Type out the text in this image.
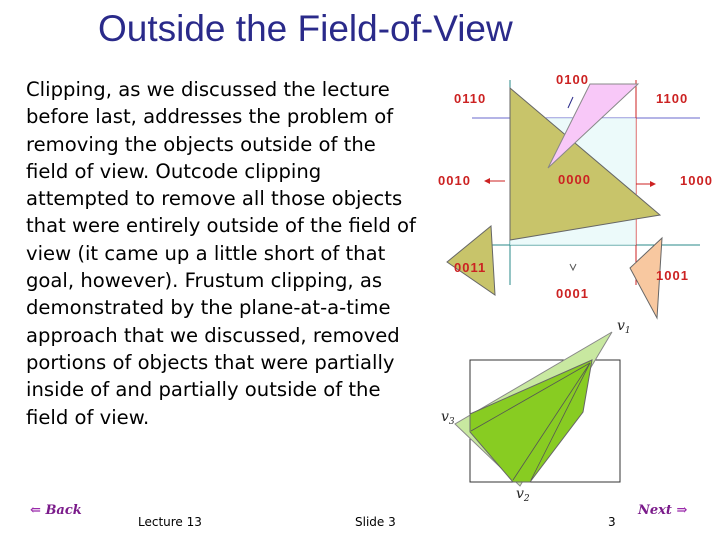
Outside the Field-of-View
Clipping, as we discussed the lecture before last, addresses the problem of removing the objects outside of the field of view. Outcode clipping attempted to remove all those objects that were entirely outside of the field of view (it came up a little short of that goal, however). Frustum clipping, as demonstrated by the plane-at-a-time approach that we discussed, removed portions of objects that were partially inside of and partially outside of the field of view.
0110
0100
1100
0010	0000	1000
0011
1001
0001
$v_1$
$v_2$
$v_3$
⇐ Back
Lecture 13	Slide 3	3
Next ⇒
